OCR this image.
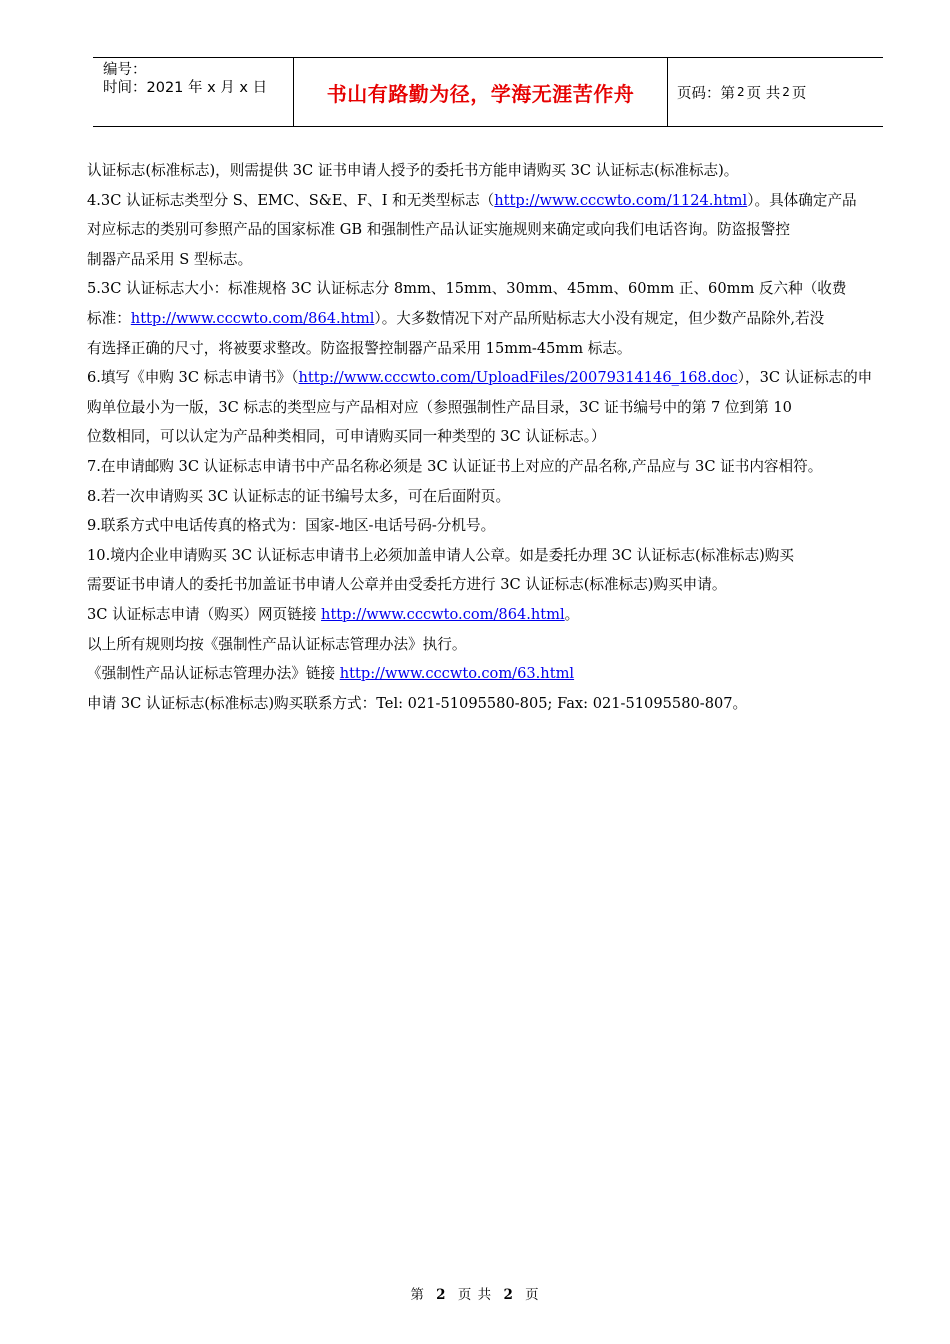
编号：
时间：2021 年 x 月 x 日	书山有路勤为径，学海无涯苦作舟	页码：第 2 页 共 2 页

认证标志(标准标志)，则需提供 3C 证书申请人授予的委托书方能申请购买 3C 认证标志(标准标志)。

4.3C 认证标志类型分 S、EMC、S&E、F、I 和无类型标志（http://www.cccwto.com/1124.html）。具体确定产品

对应标志的类别可参照产品的国家标准 GB 和强制性产品认证实施规则来确定或向我们电话咨询。防盗报警控

制器产品采用 S 型标志。

5.3C 认证标志大小：标准规格 3C 认证标志分 8mm、15mm、30mm、45mm、60mm 正、60mm 反六种（收费

标准：http://www.cccwto.com/864.html）。大多数情况下对产品所贴标志大小没有规定，但少数产品除外,若没

有选择正确的尺寸，将被要求整改。防盗报警控制器产品采用 15mm-45mm 标志。

6.填写《申购 3C 标志申请书》（http://www.cccwto.com/UploadFiles/20079314146_168.doc），3C 认证标志的申

购单位最小为一版，3C 标志的类型应与产品相对应（参照强制性产品目录，3C 证书编号中的第 7 位到第 10

位数相同，可以认定为产品种类相同，可申请购买同一种类型的 3C 认证标志。）

7.在申请邮购 3C 认证标志申请书中产品名称必须是 3C 认证证书上对应的产品名称,产品应与 3C 证书内容相符。

8.若一次申请购买 3C 认证标志的证书编号太多，可在后面附页。

9.联系方式中电话传真的格式为：国家-地区-电话号码-分机号。

10.境内企业申请购买 3C 认证标志申请书上必须加盖申请人公章。如是委托办理 3C 认证标志(标准标志)购买

需要证书申请人的委托书加盖证书申请人公章并由受委托方进行 3C 认证标志(标准标志)购买申请。

3C 认证标志申请（购买）网页链接 http://www.cccwto.com/864.html。

以上所有规则均按《强制性产品认证标志管理办法》执行。

《强制性产品认证标志管理办法》链接 http://www.cccwto.com/63.html

申请 3C 认证标志(标准标志)购买联系方式：Tel: 021-51095580-805; Fax: 021-51095580-807。

第 2 页 共 2 页
